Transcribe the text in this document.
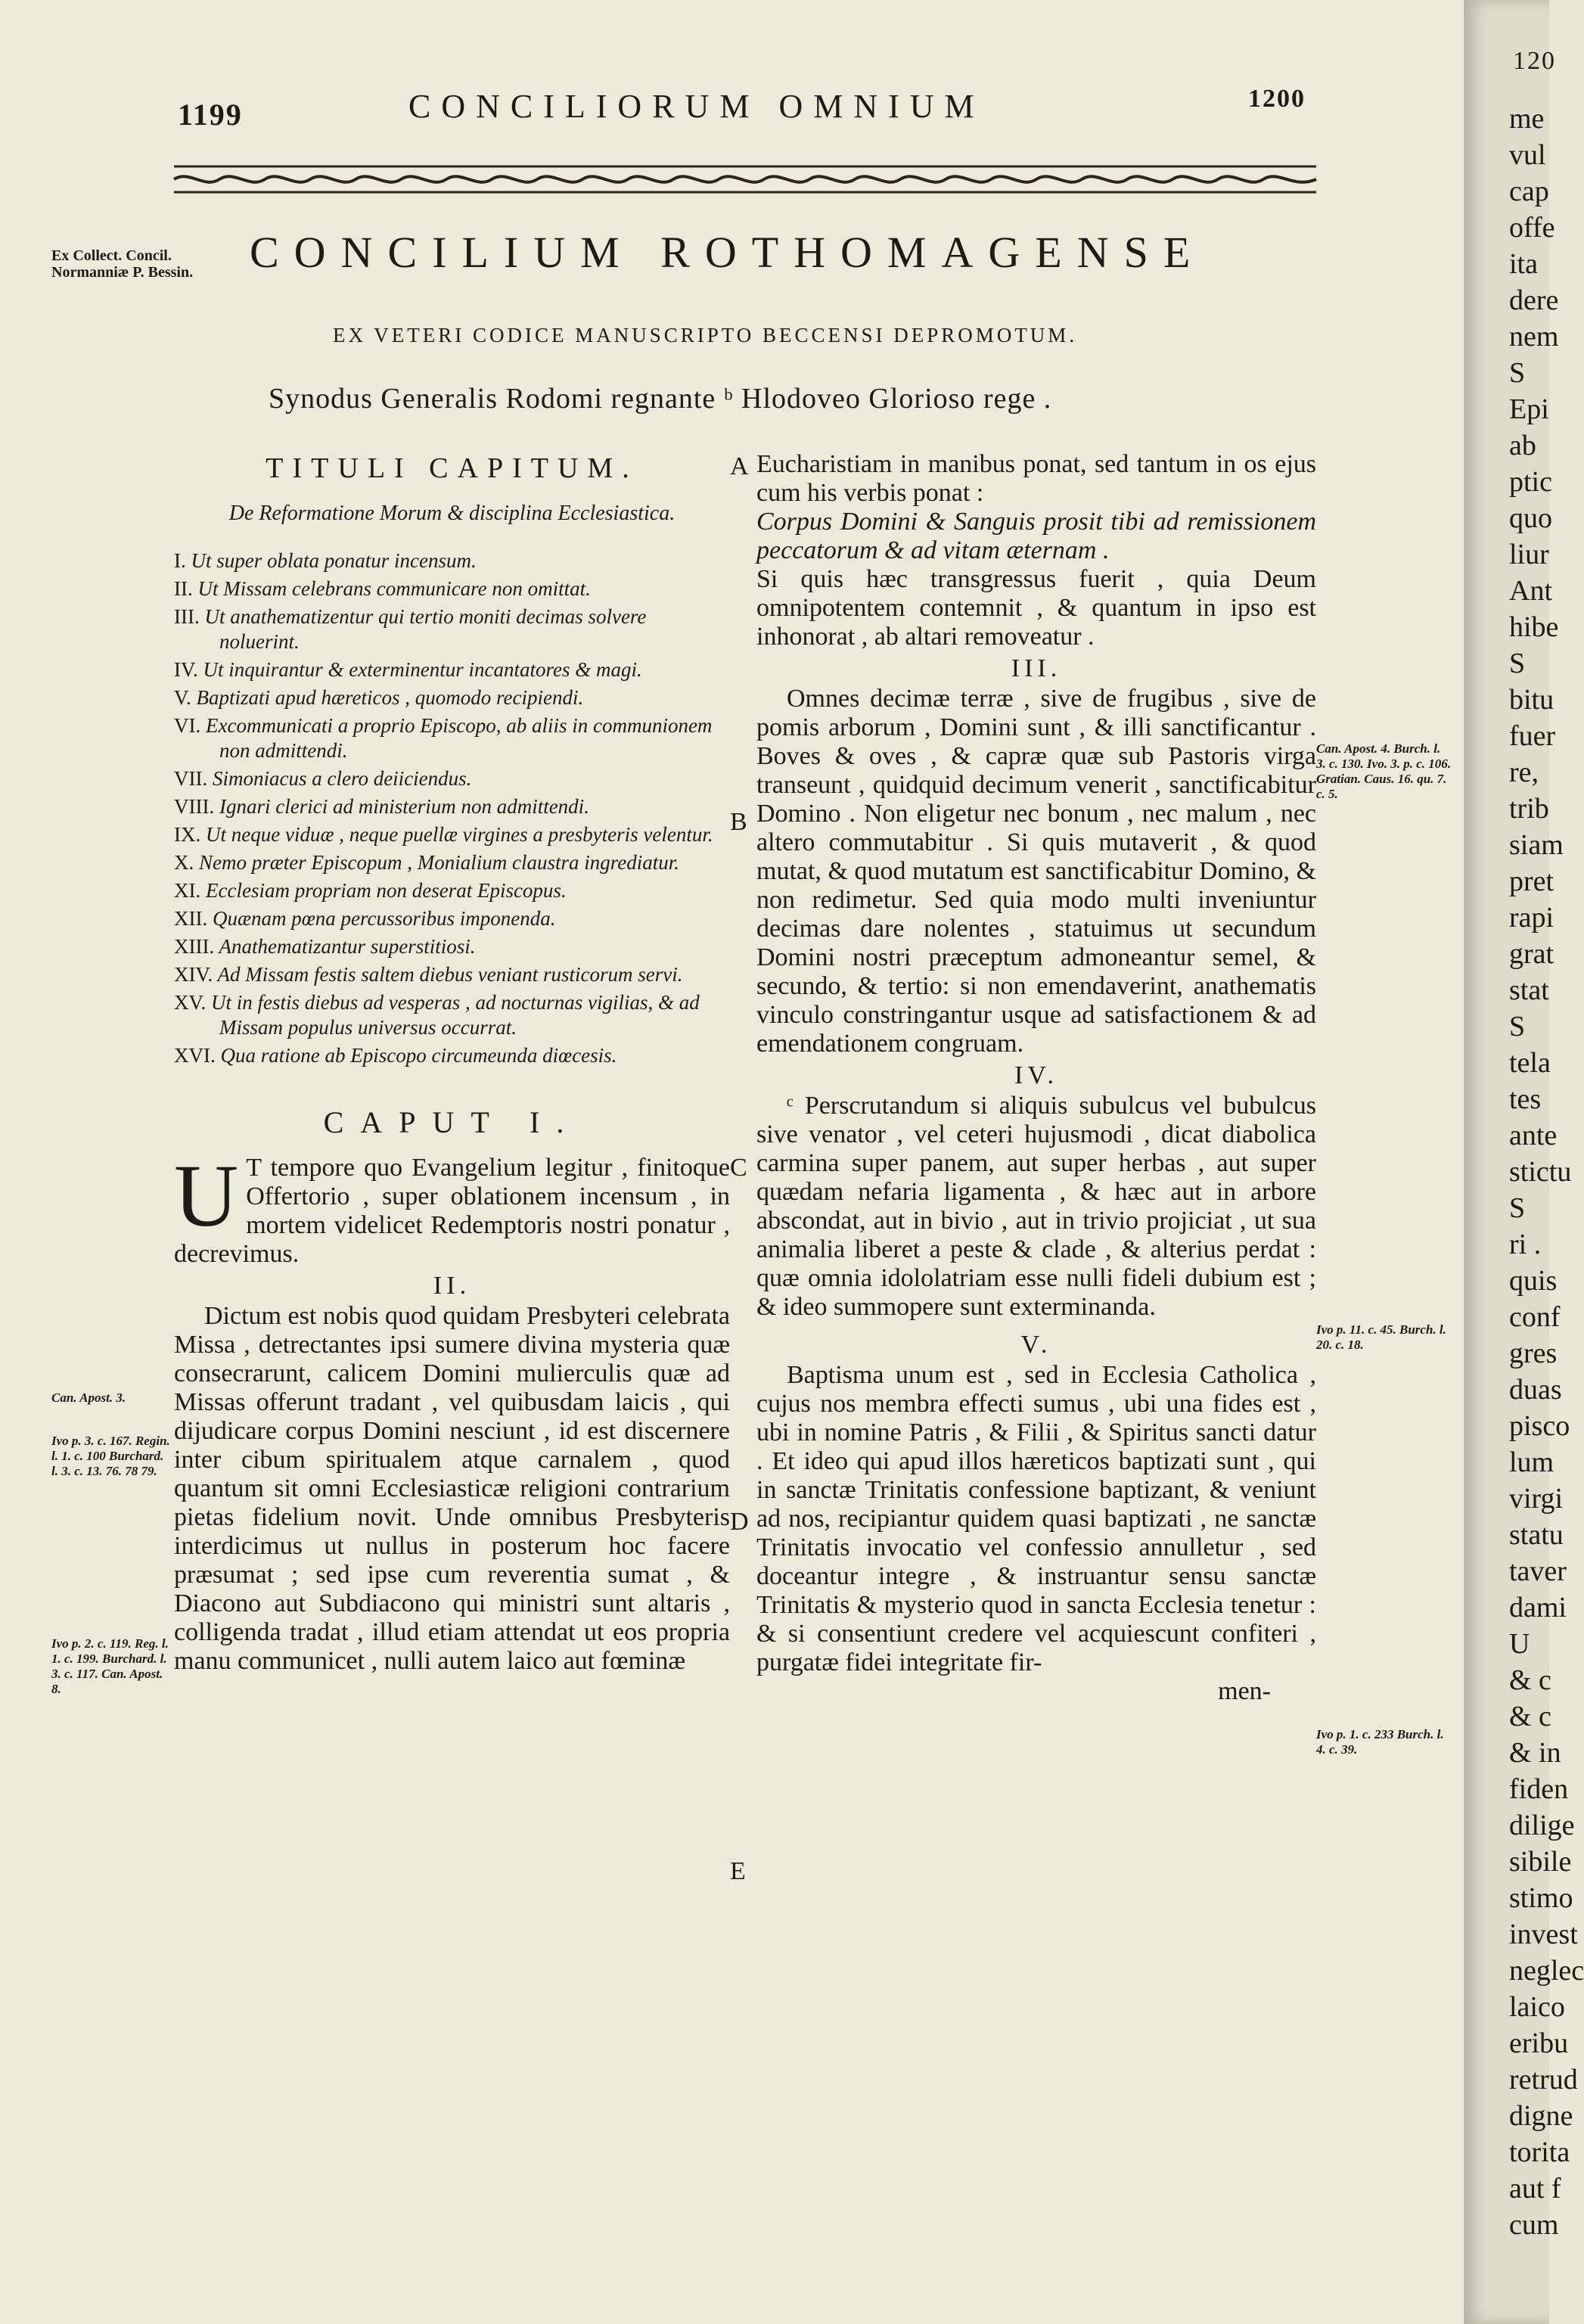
1199	CONCILIORUM OMNIUM	1200
Ex Collect. Concil. Normanniæ P. Bessin. CONCILIUM ROTHOMAGENSE
EX VETERI CODICE MANUSCRIPTO BECCENSI DEPROMOTUM.
Synodus Generalis Rodomi regnante ᵇ Hlodoveo Glorioso rege .
TITULI CAPITUM.
De Reformatione Morum & disciplina Ecclesiastica.
I. Ut super oblata ponatur incensum.
II. Ut Missam celebrans communicare non omittat.
III. Ut anathematizentur qui tertio moniti decimas solvere noluerint.
IV. Ut inquirantur & exterminentur incantatores & magi.
V. Baptizati apud hæreticos , quomodo recipiendi.
VI. Excommunicati a proprio Episcopo, ab aliis in communionem non admittendi.
VII. Simoniacus a clero deiiciendus.
VIII. Ignari clerici ad ministerium non admittendi.
IX. Ut neque viduæ , neque puellæ virgines a presbyteris velentur.
X. Nemo præter Episcopum , Monialium claustra ingrediatur.
XI. Ecclesiam propriam non deserat Episcopus.
XII. Quænam pœna percussoribus imponenda.
XIII. Anathematizantur superstitiosi.
XIV. Ad Missam festis saltem diebus veniant rusticorum servi.
XV. Ut in festis diebus ad vesperas , ad nocturnas vigilias, & ad Missam populus universus occurrat.
XVI. Qua ratione ab Episcopo circumeunda diœcesis.
CAPUT I.

U T tempore quo Evangelium legitur , finitoque Offertorio , super oblationem incensum , in mortem videlicet Redemptoris nostri ponatur , decrevimus.

II.

Dictum est nobis quod quidam Presbyteri celebrata Missa , detrectantes ipsi sumere divina mysteria quæ consecrarunt, calicem Domini mulierculis quæ ad Missas offerunt tradant , vel quibusdam laicis , qui dijudicare corpus Domini nesciunt , id est discernere inter cibum spiritualem atque carnalem , quod quantum sit omni Ecclesiasticæ religioni contrarium pietas fidelium novit. Unde omnibus Presbyteris interdicimus ut nullus in posterum hoc facere præsumat ; sed ipse cum reverentia sumat , & Diacono aut Subdiacono qui ministri sunt altaris , colligenda tradat , illud etiam attendat ut eos propria manu communicet , nulli autem laico aut fœminæ

Eucharistiam in manibus ponat, sed tantum in os ejus cum his verbis ponat :

Corpus Domini & Sanguis prosit tibi ad remissionem peccatorum & ad vitam æternam .

Si quis hæc transgressus fuerit , quia Deum omnipotentem contemnit , & quantum in ipso est inhonorat , ab altari removeatur .

III.

Omnes decimæ terræ , sive de frugibus , sive de pomis arborum , Domini sunt , & illi sanctificantur . Boves & oves , & capræ quæ sub Pastoris virga transeunt , quidquid decimum venerit , sanctificabitur Domino . Non eligetur nec bonum , nec malum , nec altero commutabitur . Si quis mutaverit , & quod mutat, & quod mutatum est sanctificabitur Domino, & non redimetur. Sed quia modo multi inveniuntur decimas dare nolentes , statuimus ut secundum Domini nostri præceptum admoneantur semel, & secundo, & tertio: si non emendaverint, anathematis vinculo constringantur usque ad satisfactionem & ad emendationem congruam.

IV.

ᶜ Perscrutandum si aliquis subulcus vel bubulcus sive venator , vel ceteri hujusmodi , dicat diabolica carmina super panem, aut super herbas , aut super quædam nefaria ligamenta , & hæc aut in arbore abscondat, aut in bivio , aut in trivio projiciat , ut sua animalia liberet a peste & clade , & alterius perdat : quæ omnia idololatriam esse nulli fideli dubium est ; & ideo summopere sunt exterminanda.

V.

Baptisma unum est , sed in Ecclesia Catholica , cujus nos membra effecti sumus , ubi una fides est , ubi in nomine Patris , & Filii , & Spiritus sancti datur . Et ideo qui apud illos hæreticos baptizati sunt , qui in sanctæ Trinitatis confessione baptizant, & veniunt ad nos, recipiantur quidem quasi baptizati , ne sanctæ Trinitatis invocatio vel confessio annulletur , sed doceantur integre , & instruantur sensu sanctæ Trinitatis & mysterio quod in sancta Ecclesia tenetur : & si consentiunt credere vel acquiescunt confiteri , purgatæ fidei integritate fir-

men-
A
B
C
D
E
Can. Apost. 3.
Ivo p. 3. c. 167. Regin. l. 1. c. 100 Burchard. l. 3. c. 13. 76. 78 79.
Ivo p. 2. c. 119. Reg. l. 1. c. 199. Burchard. l. 3. c. 117. Can. Apost. 8.
Can. Apost. 4. Burch. l. 3. c. 130. Ivo. 3. p. c. 106. Gratian. Caus. 16. qu. 7. c. 5.
Ivo p. 11. c. 45. Burch. l. 20. c. 18.
Ivo p. 1. c. 233 Burch. l. 4. c. 39.
120
me
vul
cap
offe
ita
dere
nem
S
Epi
ab
ptic
quo
liur
Ant
hibe
S
bitu
fuer
re,
trib
siam
pret
rapi
grat
stat
S
tela
tes
ante
stictu
S
ri .
quis
conf
gres
duas
pisco
lum
virgi
statu
taver
dami
U
& c
& c
& in
fiden
dilige
sibile
stimo
invest
neglec
laico
eribu
retrud
digne
torita
aut f
cum
